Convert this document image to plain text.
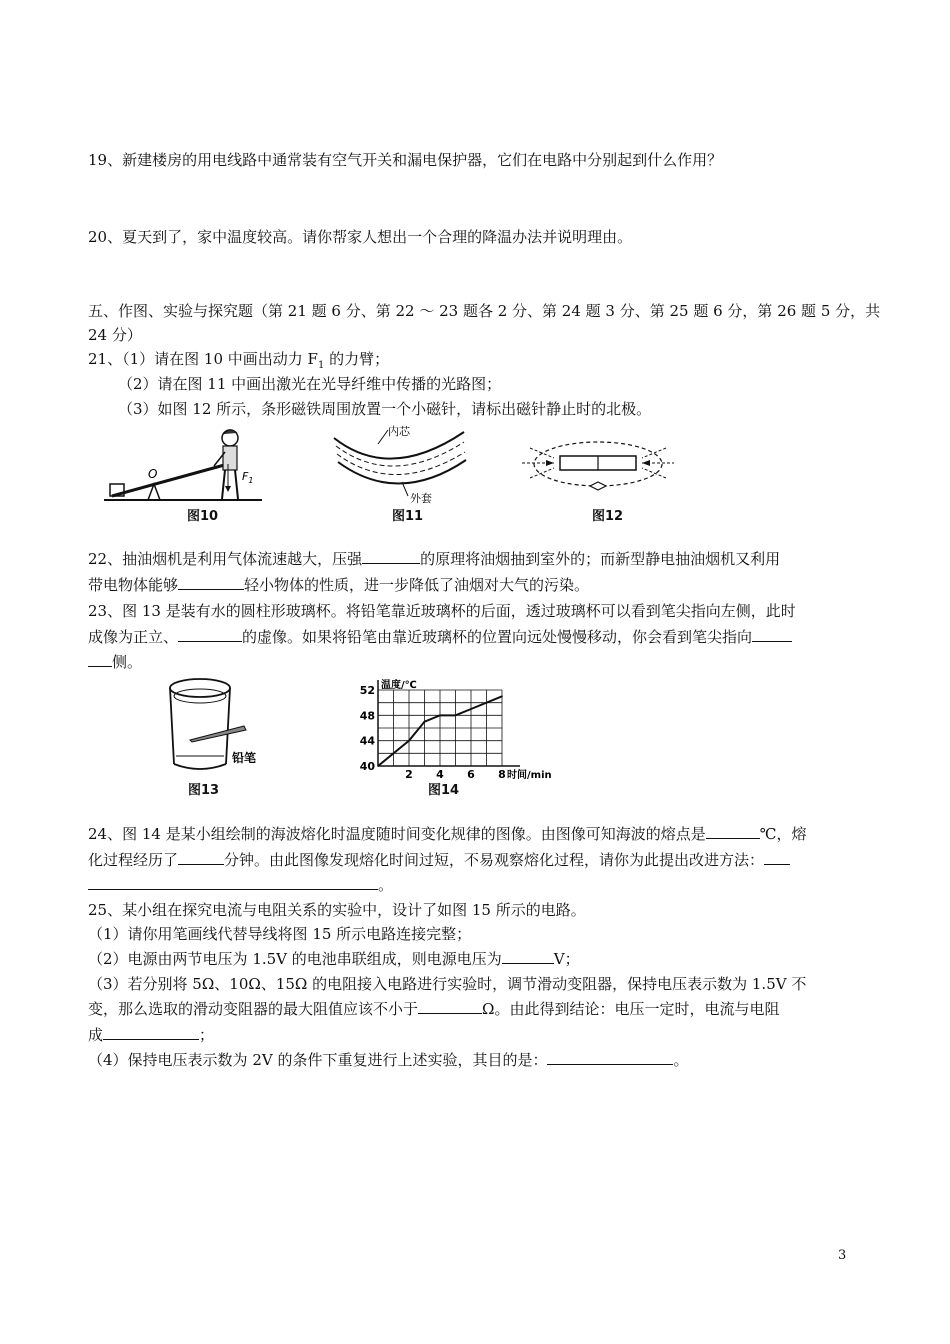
19、新建楼房的用电线路中通常装有空气开关和漏电保护器，它们在电路中分别起到什么作用？
20、夏天到了，家中温度较高。请你帮家人想出一个合理的降温办法并说明理由。
五、作图、实验与探究题（第 21 题 6 分、第 22 ～ 23 题各 2 分、第 24 题 3 分、第 25 题 6 分，第 26 题 5 分，共
24 分）
21、（1）请在图 10 中画出动力 $F_1$ 的力臂；
（2）请在图 11 中画出激光在光导纤维中传播的光路图；
（3）如图 12 所示，条形磁铁周围放置一个小磁针，请标出磁针静止时的北极。
O	$F_1$
图10
内芯
外套
图11	图12
22、抽油烟机是利用气体流速越大，压强	的原理将油烟抽到室外的；而新型静电抽油烟机又利用
带电物体能够	轻小物体的性质，进一步降低了油烟对大气的污染。
23、图 13 是装有水的圆柱形玻璃杯。将铅笔靠近玻璃杯的后面，透过玻璃杯可以看到笔尖指向左侧，此时
成像为正立、	的虚像。如果将铅笔由靠近玻璃杯的位置向远处慢慢移动，你会看到笔尖指向
侧。
铅笔
图13
52
48
44
40
2 4 6 8
温度/℃
时间/min
图14
24、图 14 是某小组绘制的海波熔化时温度随时间变化规律的图像。由图像可知海波的熔点是	℃，熔
化过程经历了	分钟。由此图像发现熔化时间过短，不易观察熔化过程，请你为此提出改进方法：
。
25、某小组在探究电流与电阻关系的实验中，设计了如图 15 所示的电路。
（1）请你用笔画线代替导线将图 15 所示电路连接完整；
（2）电源由两节电压为 1.5V 的电池串联组成，则电源电压为	V；
（3）若分别将 5Ω、10Ω、15Ω 的电阻接入电路进行实验时，调节滑动变阻器，保持电压表示数为 1.5V 不
变，那么选取的滑动变阻器的最大阻值应该不小于	Ω。由此得到结论：电压一定时，电流与电阻
成	；
（4）保持电压表示数为 2V 的条件下重复进行上述实验，其目的是：	。
3
